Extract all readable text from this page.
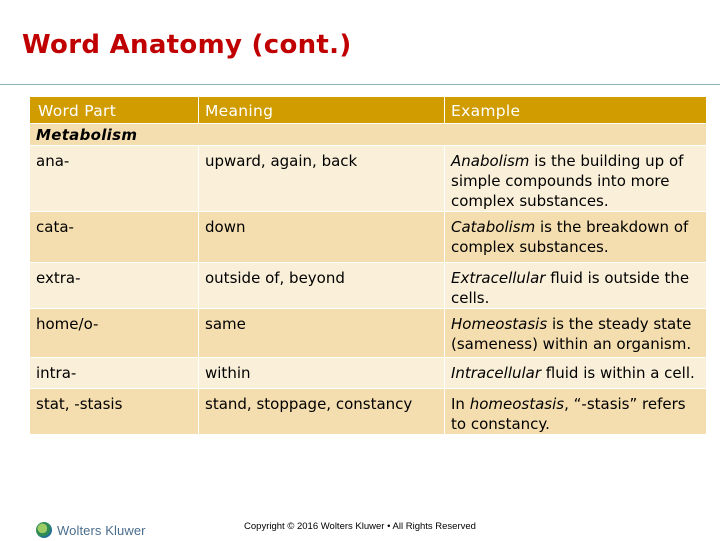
Word Anatomy (cont.)
Word Part	Meaning	Example
Metabolism		
ana-	upward, again, back	Anabolism is the building up of simple compounds into more complex substances.
cata-	down	Catabolism is the breakdown of complex substances.
extra-	outside of, beyond	Extracellular fluid is outside the cells.
home/o-	same	Homeostasis is the steady state (sameness) within an organism.
intra-	within	Intracellular fluid is within a cell.
stat, -stasis	stand, stoppage, constancy	In homeostasis, “-stasis” refers to constancy.
Wolters Kluwer	Copyright © 2016 Wolters Kluwer • All Rights Reserved
